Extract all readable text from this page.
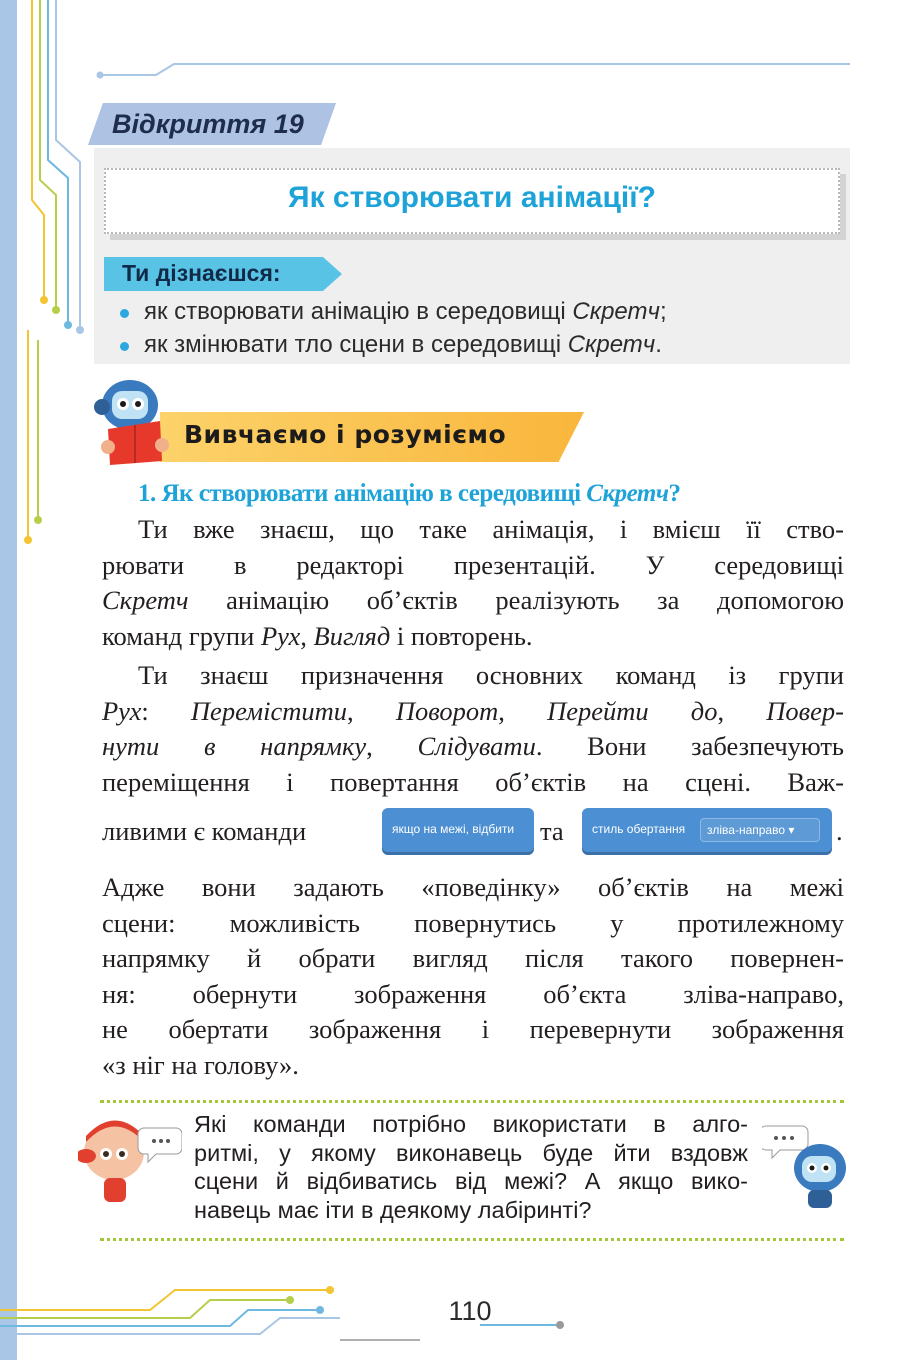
Відкриття 19
Як створювати анімації?
Ти дізнаєшся:
як створювати анімацію в середовищі Скретч;
як змінювати тло сцени в середовищі Скретч.
Вивчаємо і розуміємо
1. Як створювати анімацію в середовищі Скретч?
Ти вже знаєш, що таке анімація, і вмієш її ство-
рювати в редакторі презентацій. У середовищі
Скретч анімацію об’єктів реалізують за допомогою
команд групи Рух, Вигляд і повторень.
Ти знаєш призначення основних команд із групи
Рух: Перемістити, Поворот, Перейти до, Повер-
нути в напрямку, Слідувати. Вони забезпечують
переміщення і повертання об’єктів на сцені. Важ-
ливими є команди	якщо на межі, відбити та стиль обертання зліва-направо ▾ .
Адже вони задають «поведінку» об’єктів на межі
сцени: можливість повернутись у протилежному
напрямку й обрати вигляд після такого повернен-
ня: обернути зображення об’єкта зліва-направо,
не обертати зображення і перевернути зображення
«з ніг на голову».
Які команди потрібно використати в алго-
ритмі, у якому виконавець буде йти вздовж
сцени й відбиватись від межі? А якщо вико-
навець має іти в деякому лабіринті?
110
